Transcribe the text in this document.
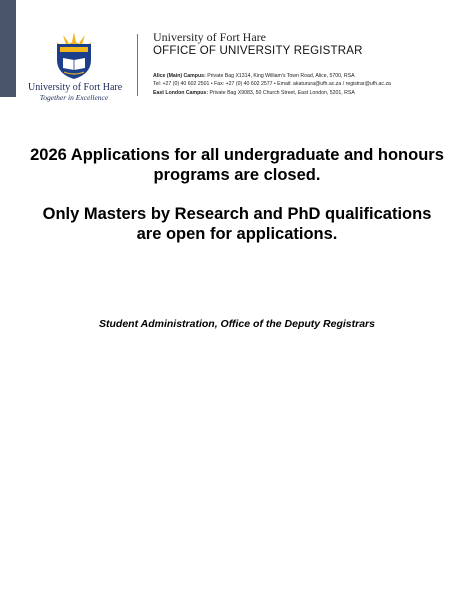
University of Fort Hare
Together in Excellence
University of Fort Hare
OFFICE OF UNIVERSITY REGISTRAR
Alice (Main) Campus: Private Bag X1314, King William's Town Road, Alice, 5700, RSA
Tel: +27 (0) 40 602 2501 • Fax: +27 (0) 40 602 2577 • Email: akaturura@ufh.ac.za / registrar@ufh.ac.za
East London Campus: Private Bag X9083, 50 Church Street, East London, 5201, RSA
2026 Applications for all undergraduate and honours programs are closed.
Only Masters by Research and PhD qualifications are open for applications.
Student Administration, Office of the Deputy Registrars
